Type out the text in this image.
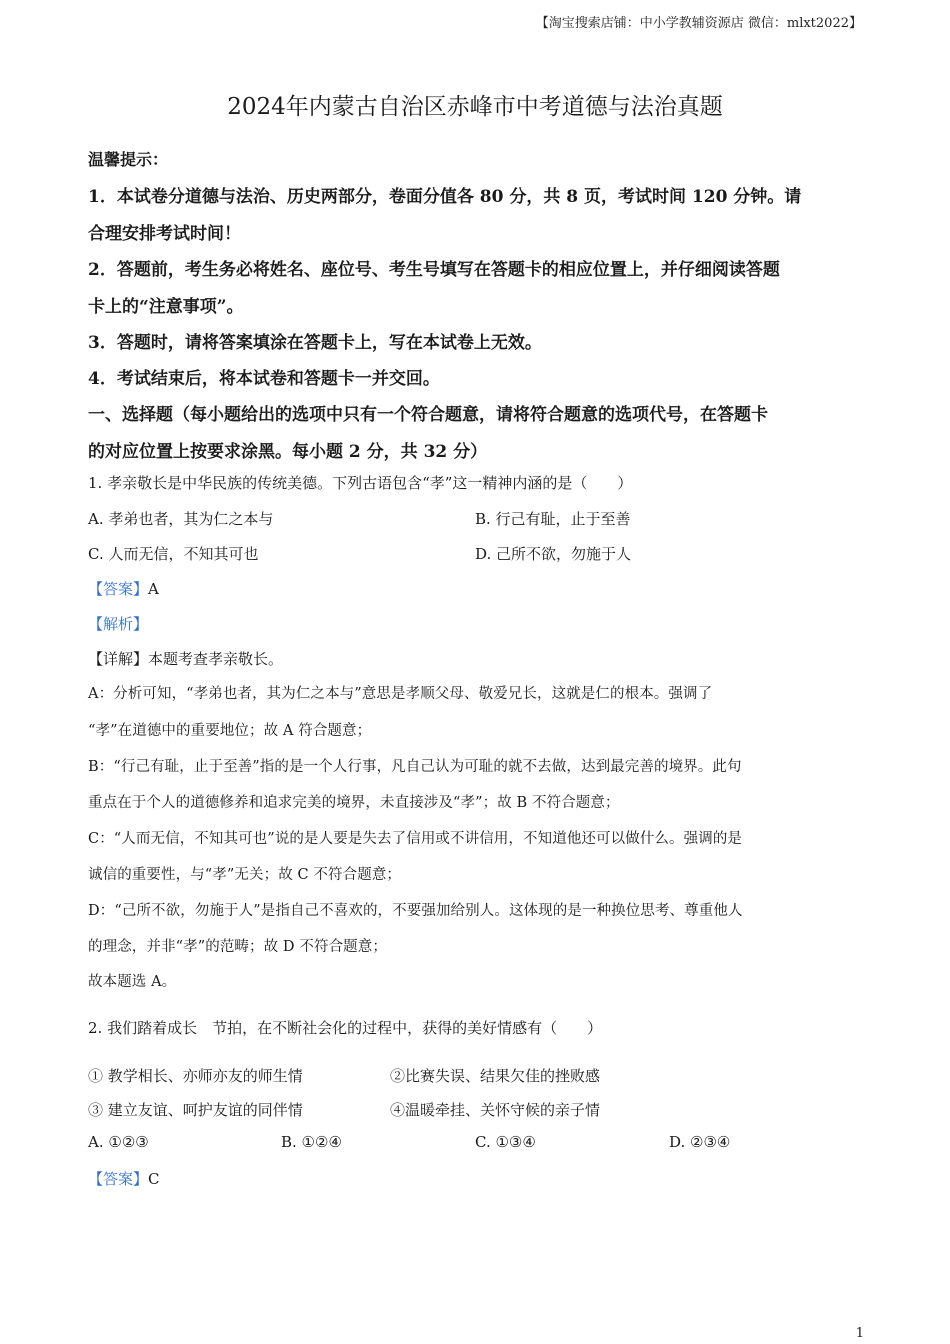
【淘宝搜索店铺：中小学教辅资源店 微信：mlxt2022】
2024年内蒙古自治区赤峰市中考道德与法治真题
温馨提示：
1．本试卷分道德与法治、历史两部分，卷面分值各 80 分，共 8 页，考试时间 120 分钟。请
合理安排考试时间！
2．答题前，考生务必将姓名、座位号、考生号填写在答题卡的相应位置上，并仔细阅读答题
卡上的“注意事项”。
3．答题时，请将答案填涂在答题卡上，写在本试卷上无效。
4．考试结束后，将本试卷和答题卡一并交回。
一、选择题（每小题给出的选项中只有一个符合题意，请将符合题意的选项代号，在答题卡
的对应位置上按要求涂黑。每小题 2 分，共 32 分）
1. 孝亲敬长是中华民族的传统美德。下列古语包含“孝”这一精神内涵的是（　　）
A. 孝弟也者，其为仁之本与	B. 行己有耻，止于至善
C. 人而无信，不知其可也	D. 己所不欲，勿施于人
【答案】A
【解析】
【详解】本题考查孝亲敬长。
A：分析可知，“孝弟也者，其为仁之本与”意思是孝顺父母、敬爱兄长，这就是仁的根本。强调了
“孝”在道德中的重要地位；故 A 符合题意；
B：“行己有耻，止于至善”指的是一个人行事，凡自己认为可耻的就不去做，达到最完善的境界。此句
重点在于个人的道德修养和追求完美的境界，未直接涉及“孝”；故 B 不符合题意；
C：“人而无信，不知其可也”说的是人要是失去了信用或不讲信用，不知道他还可以做什么。强调的是
诚信的重要性，与“孝”无关；故 C 不符合题意；
D：“己所不欲，勿施于人”是指自己不喜欢的，不要强加给别人。这体现的是一种换位思考、尊重他人
的理念，并非“孝”的范畴；故 D 不符合题意；
故本题选 A。
2. 我们踏着成长　节拍，在不断社会化的过程中，获得的美好情感有（　　）
① 教学相长、亦师亦友的师生情	②比赛失误、结果欠佳的挫败感
③ 建立友谊、呵护友谊的同伴情	④温暖牵挂、关怀守候的亲子情
A. ①②③	B. ①②④	C. ①③④	D. ②③④
【答案】C
1
